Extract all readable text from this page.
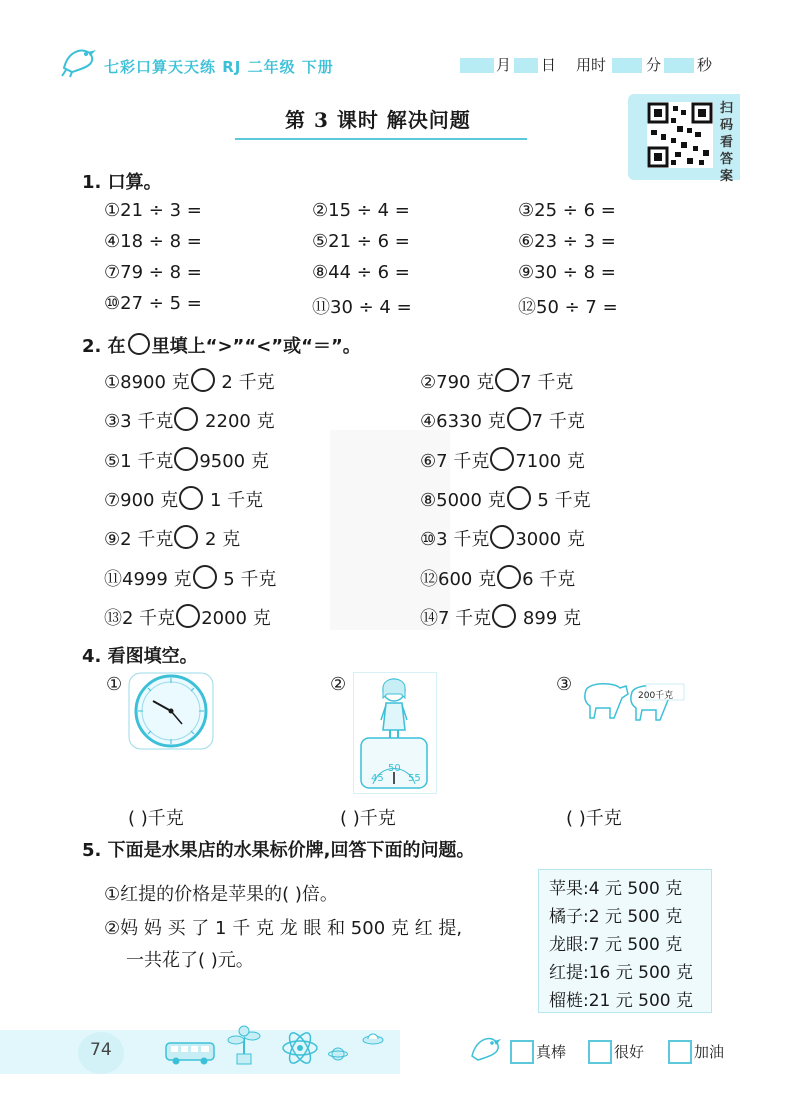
七彩口算天天练 RJ 二年级 下册	月 日 用时	分 秒
第 3 课时 解决问题	扫
码
看
答
案
1. 口算。
①21 ÷ 3 =	②15 ÷ 4 =	③25 ÷ 6 =
④18 ÷ 8 =	⑤21 ÷ 6 =	⑥23 ÷ 3 =
⑦79 ÷ 8 =	⑧44 ÷ 6 =	⑨30 ÷ 8 =
⑩27 ÷ 5 =	⑪30 ÷ 4 =	⑫50 ÷ 7 =
2. 在 里填上“>”“<”或“＝”。
①8900 克 2 千克	②790 克 7 千克
③3 千克 2200 克	④6330 克 7 千克
⑤1 千克 9500 克	⑥7 千克 7100 克
⑦900 克 1 千克	⑧5000 克 5 千克
⑨2 千克 2 克	⑩3 千克 3000 克
⑪4999 克 5 千克	⑫600 克 6 千克
⑬2 千克 2000 克	⑭7 千克 899 克
4. 看图填空。
①	②	③
45
50
55
200千克
( )千克	( )千克	( )千克
5. 下面是水果店的水果标价牌,回答下面的问题。
①红提的价格是苹果的( )倍。
②妈 妈 买 了 1 千 克 龙 眼 和 500 克 红 提,
一共花了( )元。
苹果:4 元 500 克
橘子:2 元 500 克
龙眼:7 元 500 克
红提:16 元 500 克
榴梿:21 元 500 克
74	真棒	很好	加油
